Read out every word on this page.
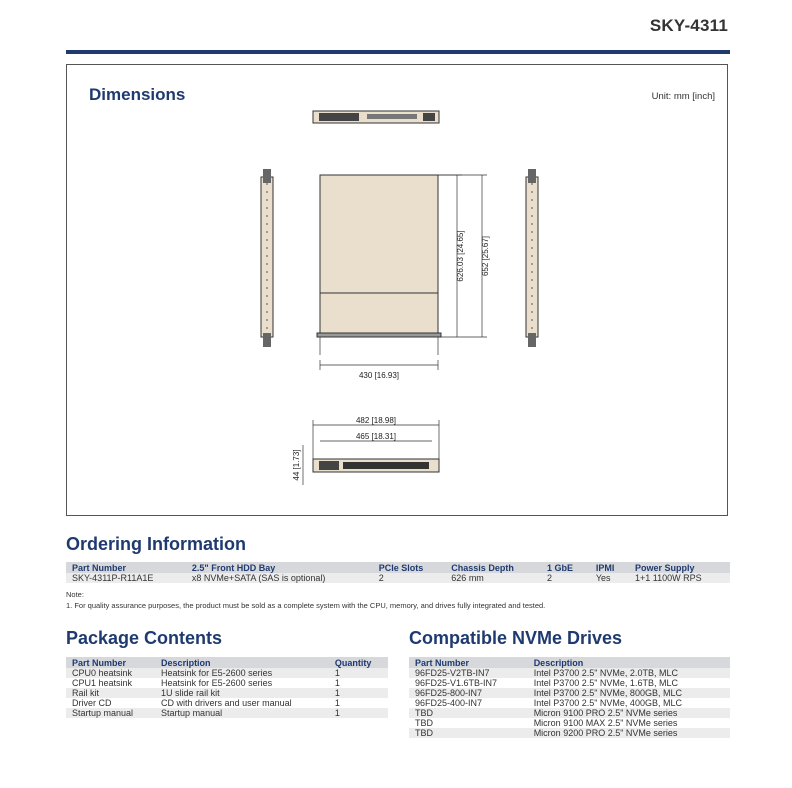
SKY-4311
Dimensions	Unit: mm [inch]
430 [16.93]
626.03 [24.65] 652 [25.67]
482 [18.98]
465 [18.31]
44 [1.73]
Ordering Information
Part Number	2.5" Front HDD Bay	PCIe Slots	Chassis Depth	1 GbE	IPMI	Power Supply
SKY-4311P-R11A1E	x8 NVMe+SATA (SAS is optional)	2	626 mm	2	Yes	1+1 1100W RPS
Note:
1. For quality assurance purposes, the product must be sold as a complete system with the CPU, memory, and drives fully integrated and tested.
Package Contents
Part Number	Description	Quantity
CPU0 heatsink	Heatsink for E5-2600 series	1
CPU1 heatsink	Heatsink for E5-2600 series	1
Rail kit	1U slide rail kit	1
Driver CD	CD with drivers and user manual	1
Startup manual	Startup manual	1
Compatible NVMe Drives
Part Number	Description
96FD25-V2TB-IN7	Intel P3700 2.5" NVMe, 2.0TB, MLC
96FD25-V1.6TB-IN7	Intel P3700 2.5" NVMe, 1.6TB, MLC
96FD25-800-IN7	Intel P3700 2.5" NVMe, 800GB, MLC
96FD25-400-IN7	Intel P3700 2.5" NVMe, 400GB, MLC
TBD	Micron 9100 PRO 2.5" NVMe series
TBD	Micron 9100 MAX 2.5" NVMe series
TBD	Micron 9200 PRO 2.5" NVMe series
